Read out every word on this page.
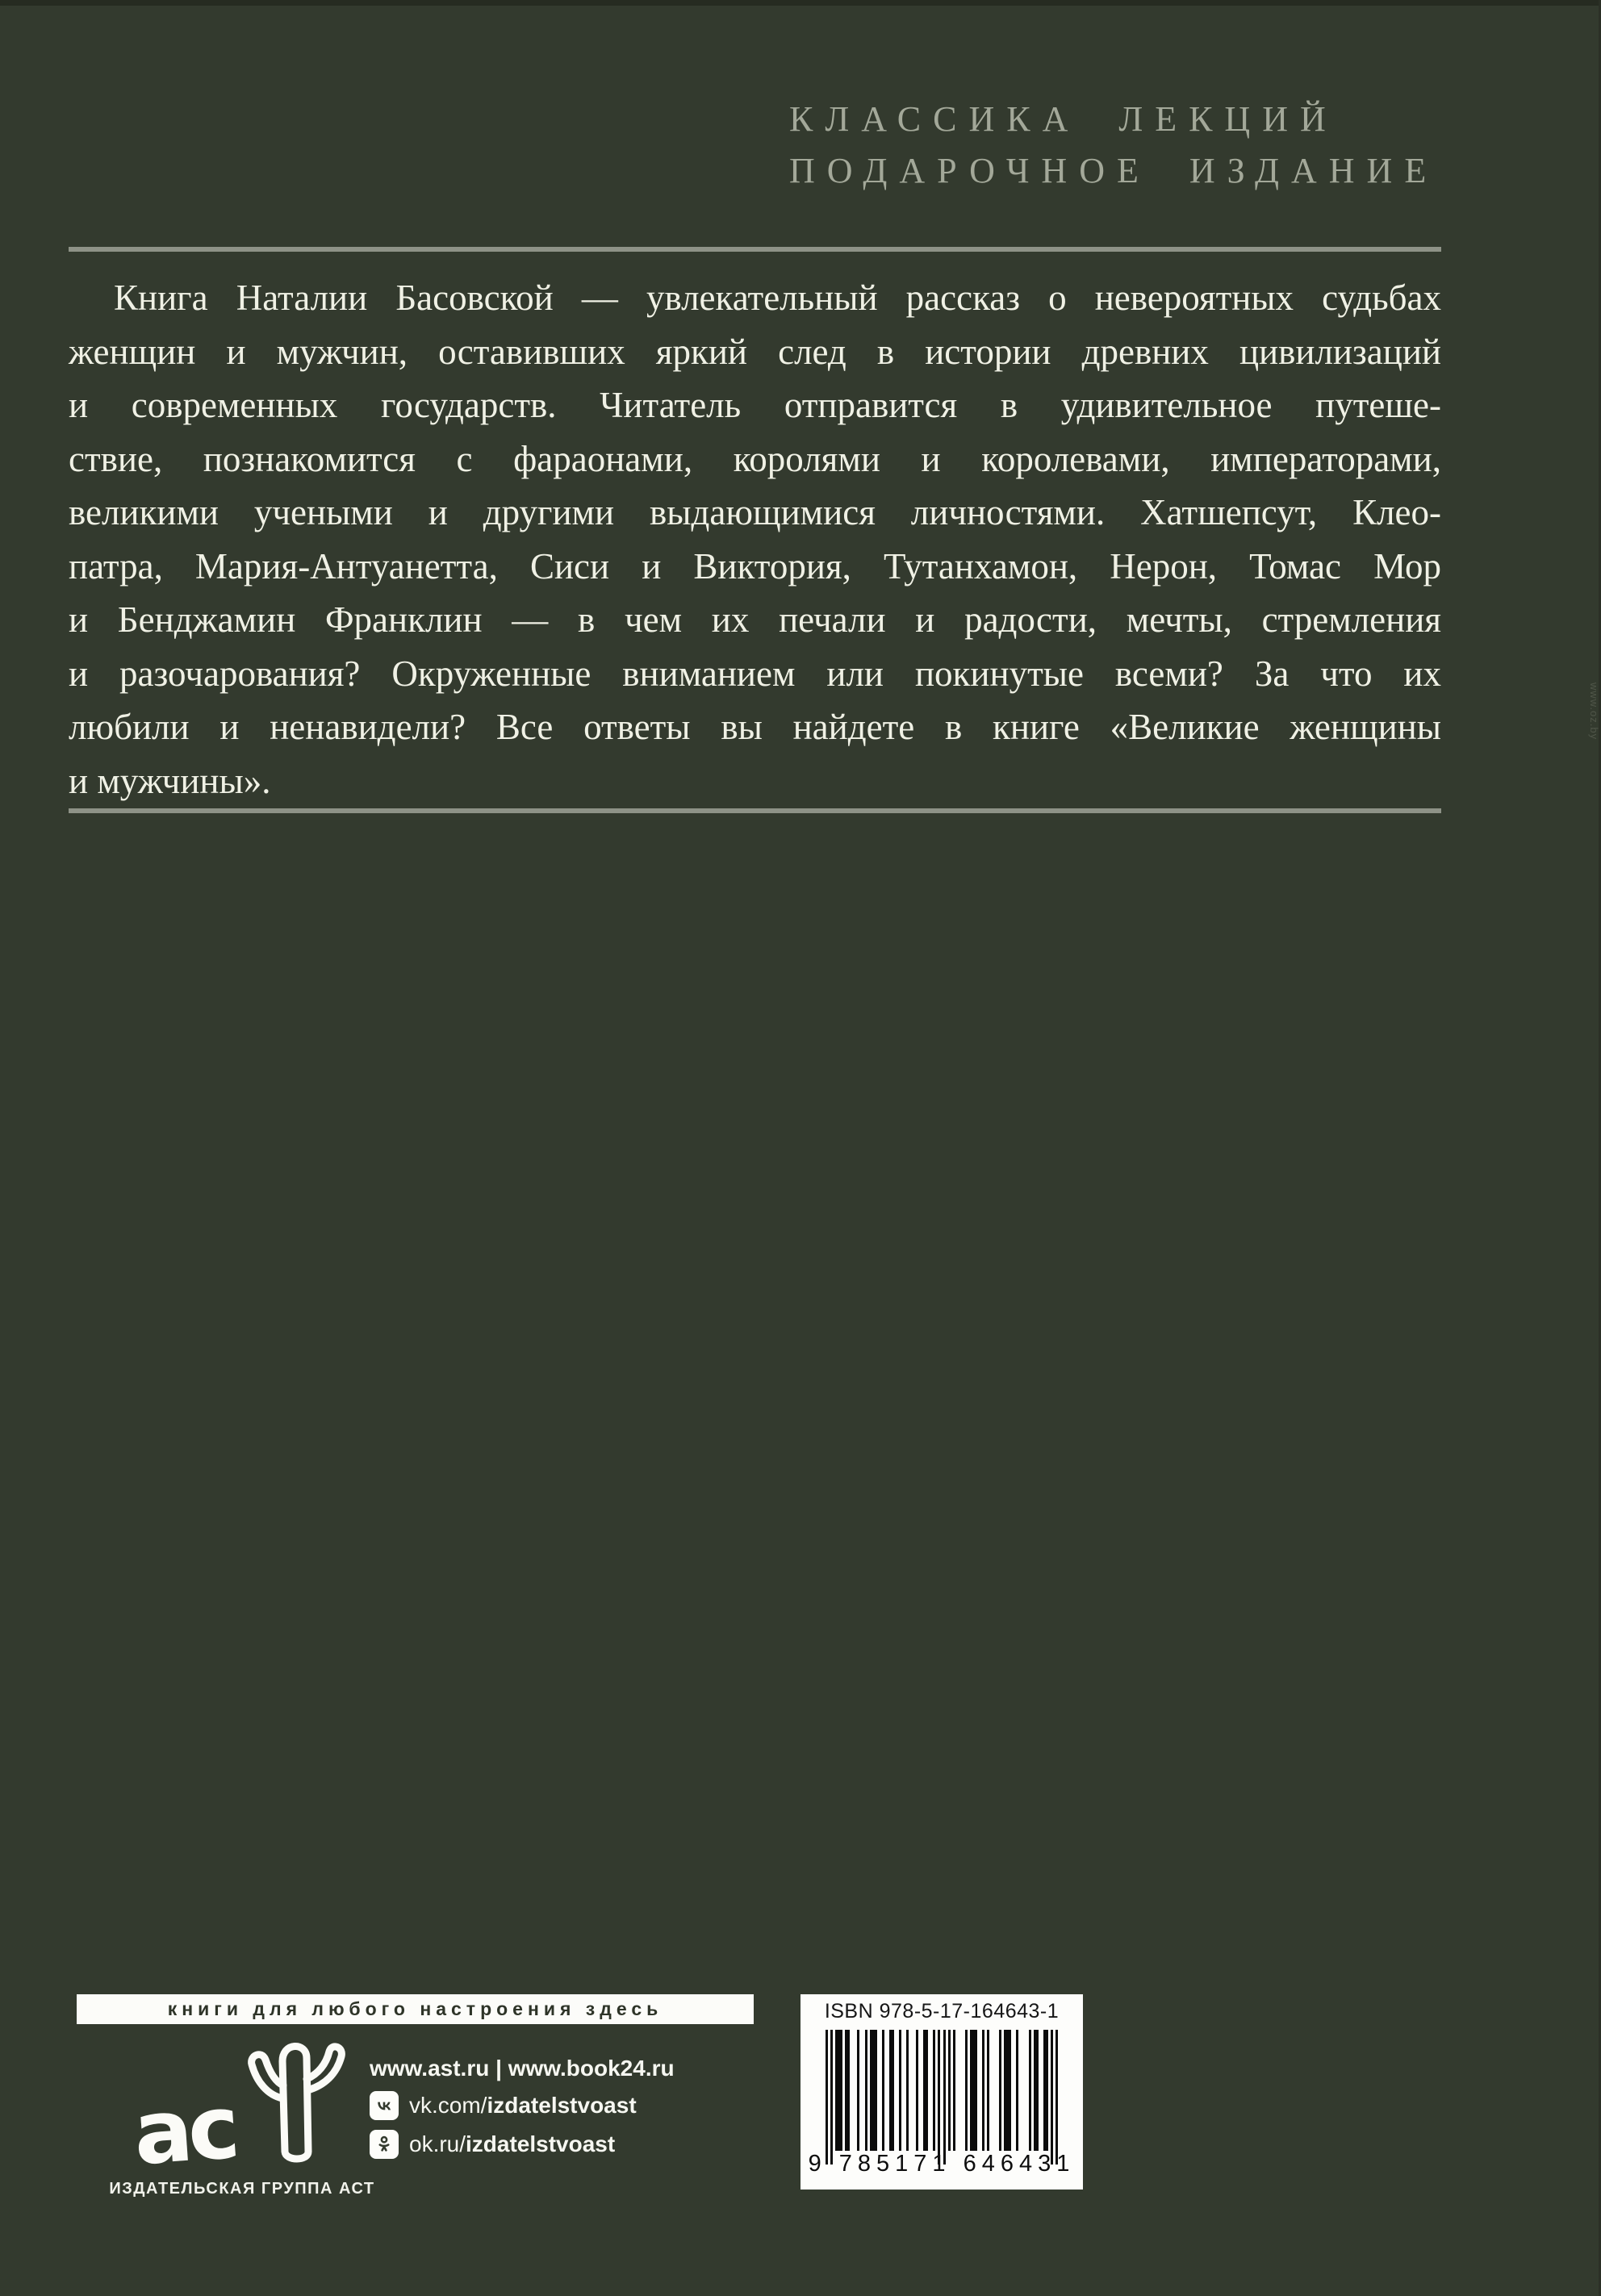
КЛАССИКА ЛЕКЦИЙ
ПОДАРОЧНОЕ ИЗДАНИЕ
Книга Наталии Басовской — увлекательный рассказ о невероятных судьбах
женщин и мужчин, оставивших яркий след в истории древних цивилизаций
и современных государств. Читатель отправится в удивительное путеше-
ствие, познакомится с фараонами, королями и королевами, императорами,
великими учеными и другими выдающимися личностями. Хатшепсут, Клео-
патра, Мария-Антуанетта, Сиси и Виктория, Тутанхамон, Нерон, Томас Мор
и Бенджамин Франклин — в чем их печали и радости, мечты, стремления
и разочарования? Окруженные вниманием или покинутые всеми? За что их
любили и ненавидели? Все ответы вы найдете в книге «Великие женщины
и мужчины».
книги для любого настроения здесь
ac
ИЗДАТЕЛЬСКАЯ ГРУППА АСТ
www.ast.ru | www.book24.ru
vk.com/ izdatelstvoast
ok.ru/ izdatelstvoast
ISBN 978-5-17-164643-1
9 785171 646431
www.oz.by
